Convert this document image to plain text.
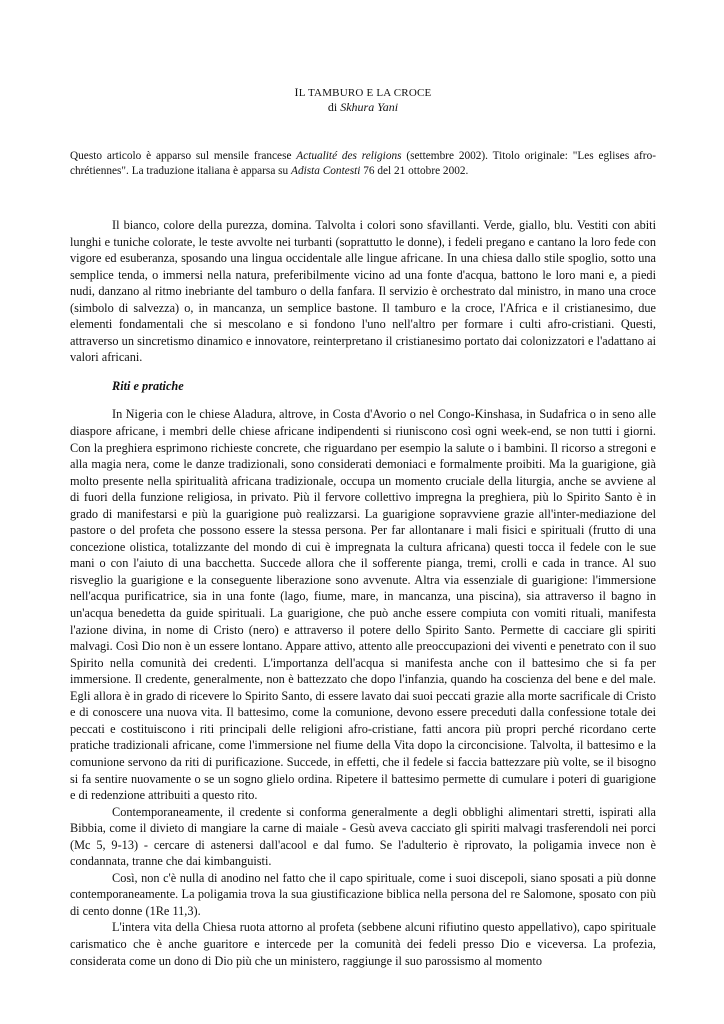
IL TAMBURO E LA CROCE
di Skhura Yani
Questo articolo è apparso sul mensile francese Actualité des religions (settembre 2002). Titolo originale: "Les eglises afro-chrétiennes". La traduzione italiana è apparsa su Adista Contesti 76 del 21 ottobre 2002.

Il bianco, colore della purezza, domina. Talvolta i colori sono sfavillanti. Verde, giallo, blu. Vestiti con abiti lunghi e tuniche colorate, le teste avvolte nei turbanti (soprattutto le donne), i fedeli pregano e cantano la loro fede con vigore ed esuberanza, sposando una lingua occidentale alle lingue africane. In una chiesa dallo stile spoglio, sotto una semplice tenda, o immersi nella natura, preferibilmente vicino ad una fonte d'acqua, battono le loro mani e, a piedi nudi, danzano al ritmo inebriante del tamburo o della fanfara. Il servizio è orchestrato dal ministro, in mano una croce (simbolo di salvezza) o, in mancanza, un semplice bastone. Il tamburo e la croce, l'Africa e il cristianesimo, due elementi fondamentali che si mescolano e si fondono l'uno nell'altro per formare i culti afro-cristiani. Questi, attraverso un sincretismo dinamico e innovatore, reinterpretano il cristianesimo portato dai colonizzatori e l'adattano ai valori africani.

Riti e pratiche

In Nigeria con le chiese Aladura, altrove, in Costa d'Avorio o nel Congo-Kinshasa, in Sudafrica o in seno alle diaspore africane, i membri delle chiese africane indipendenti si riuniscono così ogni week-end, se non tutti i giorni. Con la preghiera esprimono richieste concrete, che riguardano per esempio la salute o i bambini. Il ricorso a stregoni e alla magia nera, come le danze tradizionali, sono considerati demoniaci e formalmente proibiti. Ma la guarigione, già molto presente nella spiritualità africana tradizionale, occupa un momento cruciale della liturgia, anche se avviene al di fuori della funzione religiosa, in privato. Più il fervore collettivo impregna la preghiera, più lo Spirito Santo è in grado di manifestarsi e più la guarigione può realizzarsi. La guarigione sopravviene grazie all'inter-mediazione del pastore o del profeta che possono essere la stessa persona. Per far allontanare i mali fisici e spirituali (frutto di una concezione olistica, totalizzante del mondo di cui è impregnata la cultura africana) questi tocca il fedele con le sue mani o con l'aiuto di una bacchetta. Succede allora che il sofferente pianga, tremi, crolli e cada in trance. Al suo risveglio la guarigione e la conseguente liberazione sono avvenute. Altra via essenziale di guarigione: l'immersione nell'acqua purificatrice, sia in una fonte (lago, fiume, mare, in mancanza, una piscina), sia attraverso il bagno in un'acqua benedetta da guide spirituali. La guarigione, che può anche essere compiuta con vomiti rituali, manifesta l'azione divina, in nome di Cristo (nero) e attraverso il potere dello Spirito Santo. Permette di cacciare gli spiriti malvagi. Così Dio non è un essere lontano. Appare attivo, attento alle preoccupazioni dei viventi e penetrato con il suo Spirito nella comunità dei credenti. L'importanza dell'acqua si manifesta anche con il battesimo che si fa per immersione. Il credente, generalmente, non è battezzato che dopo l'infanzia, quando ha coscienza del bene e del male. Egli allora è in grado di ricevere lo Spirito Santo, di essere lavato dai suoi peccati grazie alla morte sacrificale di Cristo e di conoscere una nuova vita. Il battesimo, come la comunione, devono essere preceduti dalla confessione totale dei peccati e costituiscono i riti principali delle religioni afro-cristiane, fatti ancora più propri perché ricordano certe pratiche tradizionali africane, come l'immersione nel fiume della Vita dopo la circoncisione. Talvolta, il battesimo e la comunione servono da riti di purificazione. Succede, in effetti, che il fedele si faccia battezzare più volte, se il bisogno si fa sentire nuovamente o se un sogno glielo ordina. Ripetere il battesimo permette di cumulare i poteri di guarigione e di redenzione attribuiti a questo rito.

Contemporaneamente, il credente si conforma generalmente a degli obblighi alimentari stretti, ispirati alla Bibbia, come il divieto di mangiare la carne di maiale - Gesù aveva cacciato gli spiriti malvagi trasferendoli nei porci (Mc 5, 9-13) - cercare di astenersi dall'acool e dal fumo. Se l'adulterio è riprovato, la poligamia invece non è condannata, tranne che dai kimbanguisti.

Così, non c'è nulla di anodino nel fatto che il capo spirituale, come i suoi discepoli, siano sposati a più donne contemporaneamente. La poligamia trova la sua giustificazione biblica nella persona del re Salomone, sposato con più di cento donne (1Re 11,3).

L'intera vita della Chiesa ruota attorno al profeta (sebbene alcuni rifiutino questo appellativo), capo spirituale carismatico che è anche guaritore e intercede per la comunità dei fedeli presso Dio e viceversa. La profezia, considerata come un dono di Dio più che un ministero, raggiunge il suo parossismo al momento
